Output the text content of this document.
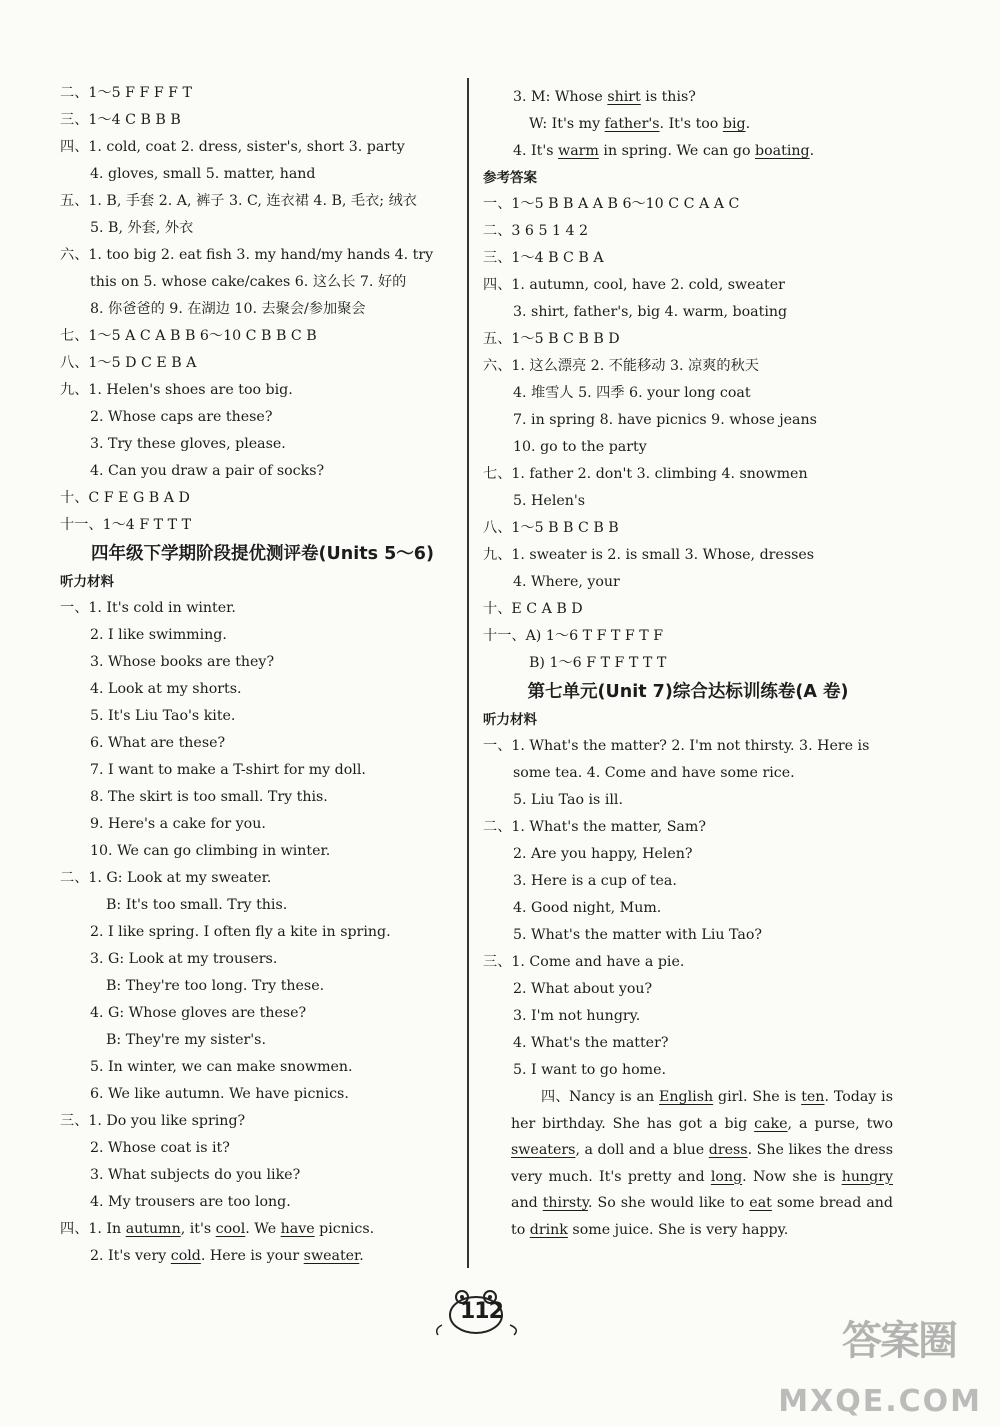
二、1～5 F F F F T
三、1～4 C B B B
四、1. cold, coat 2. dress, sister's, short 3. party
4. gloves, small 5. matter, hand
五、1. B, 手套 2. A, 裤子 3. C, 连衣裙 4. B, 毛衣; 绒衣
5. B, 外套, 外衣
六、1. too big 2. eat fish 3. my hand/my hands 4. try
this on 5. whose cake/cakes 6. 这么长 7. 好的
8. 你爸爸的 9. 在湖边 10. 去聚会/参加聚会
七、1～5 A C A B B 6～10 C B B C B
八、1～5 D C E B A
九、1. Helen's shoes are too big.
2. Whose caps are these?
3. Try these gloves, please.
4. Can you draw a pair of socks?
十、C F E G B A D
十一、1～4 F T T T
四年级下学期阶段提优测评卷(Units 5～6)
听力材料
一、1. It's cold in winter.
2. I like swimming.
3. Whose books are they?
4. Look at my shorts.
5. It's Liu Tao's kite.
6. What are these?
7. I want to make a T-shirt for my doll.
8. The skirt is too small. Try this.
9. Here's a cake for you.
10. We can go climbing in winter.
二、1. G: Look at my sweater.
B: It's too small. Try this.
2. I like spring. I often fly a kite in spring.
3. G: Look at my trousers.
B: They're too long. Try these.
4. G: Whose gloves are these?
B: They're my sister's.
5. In winter, we can make snowmen.
6. We like autumn. We have picnics.
三、1. Do you like spring?
2. Whose coat is it?
3. What subjects do you like?
4. My trousers are too long.
四、1. In autumn, it's cool. We have picnics.
2. It's very cold. Here is your sweater.
3. M: Whose shirt is this?
W: It's my father's. It's too big.
4. It's warm in spring. We can go boating.
参考答案
一、1～5 B B A A B 6～10 C C A A C
二、3 6 5 1 4 2
三、1～4 B C B A
四、1. autumn, cool, have 2. cold, sweater
3. shirt, father's, big 4. warm, boating
五、1～5 B C B B D
六、1. 这么漂亮 2. 不能移动 3. 凉爽的秋天
4. 堆雪人 5. 四季 6. your long coat
7. in spring 8. have picnics 9. whose jeans
10. go to the party
七、1. father 2. don't 3. climbing 4. snowmen
5. Helen's
八、1～5 B B C B B
九、1. sweater is 2. is small 3. Whose, dresses
4. Where, your
十、E C A B D
十一、A) 1～6 T F T F T F
B) 1～6 F T F T T T
第七单元(Unit 7)综合达标训练卷(A 卷)
听力材料
一、1. What's the matter? 2. I'm not thirsty. 3. Here is
some tea. 4. Come and have some rice.
5. Liu Tao is ill.
二、1. What's the matter, Sam?
2. Are you happy, Helen?
3. Here is a cup of tea.
4. Good night, Mum.
5. What's the matter with Liu Tao?
三、1. Come and have a pie.
2. What about you?
3. I'm not hungry.
4. What's the matter?
5. I want to go home.
四、 Nancy is an English girl. She is ten. Today is her birthday. She has got a big cake, a purse, two sweaters, a doll and a blue dress. She likes the dress very much. It's pretty and long. Now she is hungry and thirsty. So she would like to eat some bread and to drink some juice. She is very happy.
112
答案圈
MXQE.COM
